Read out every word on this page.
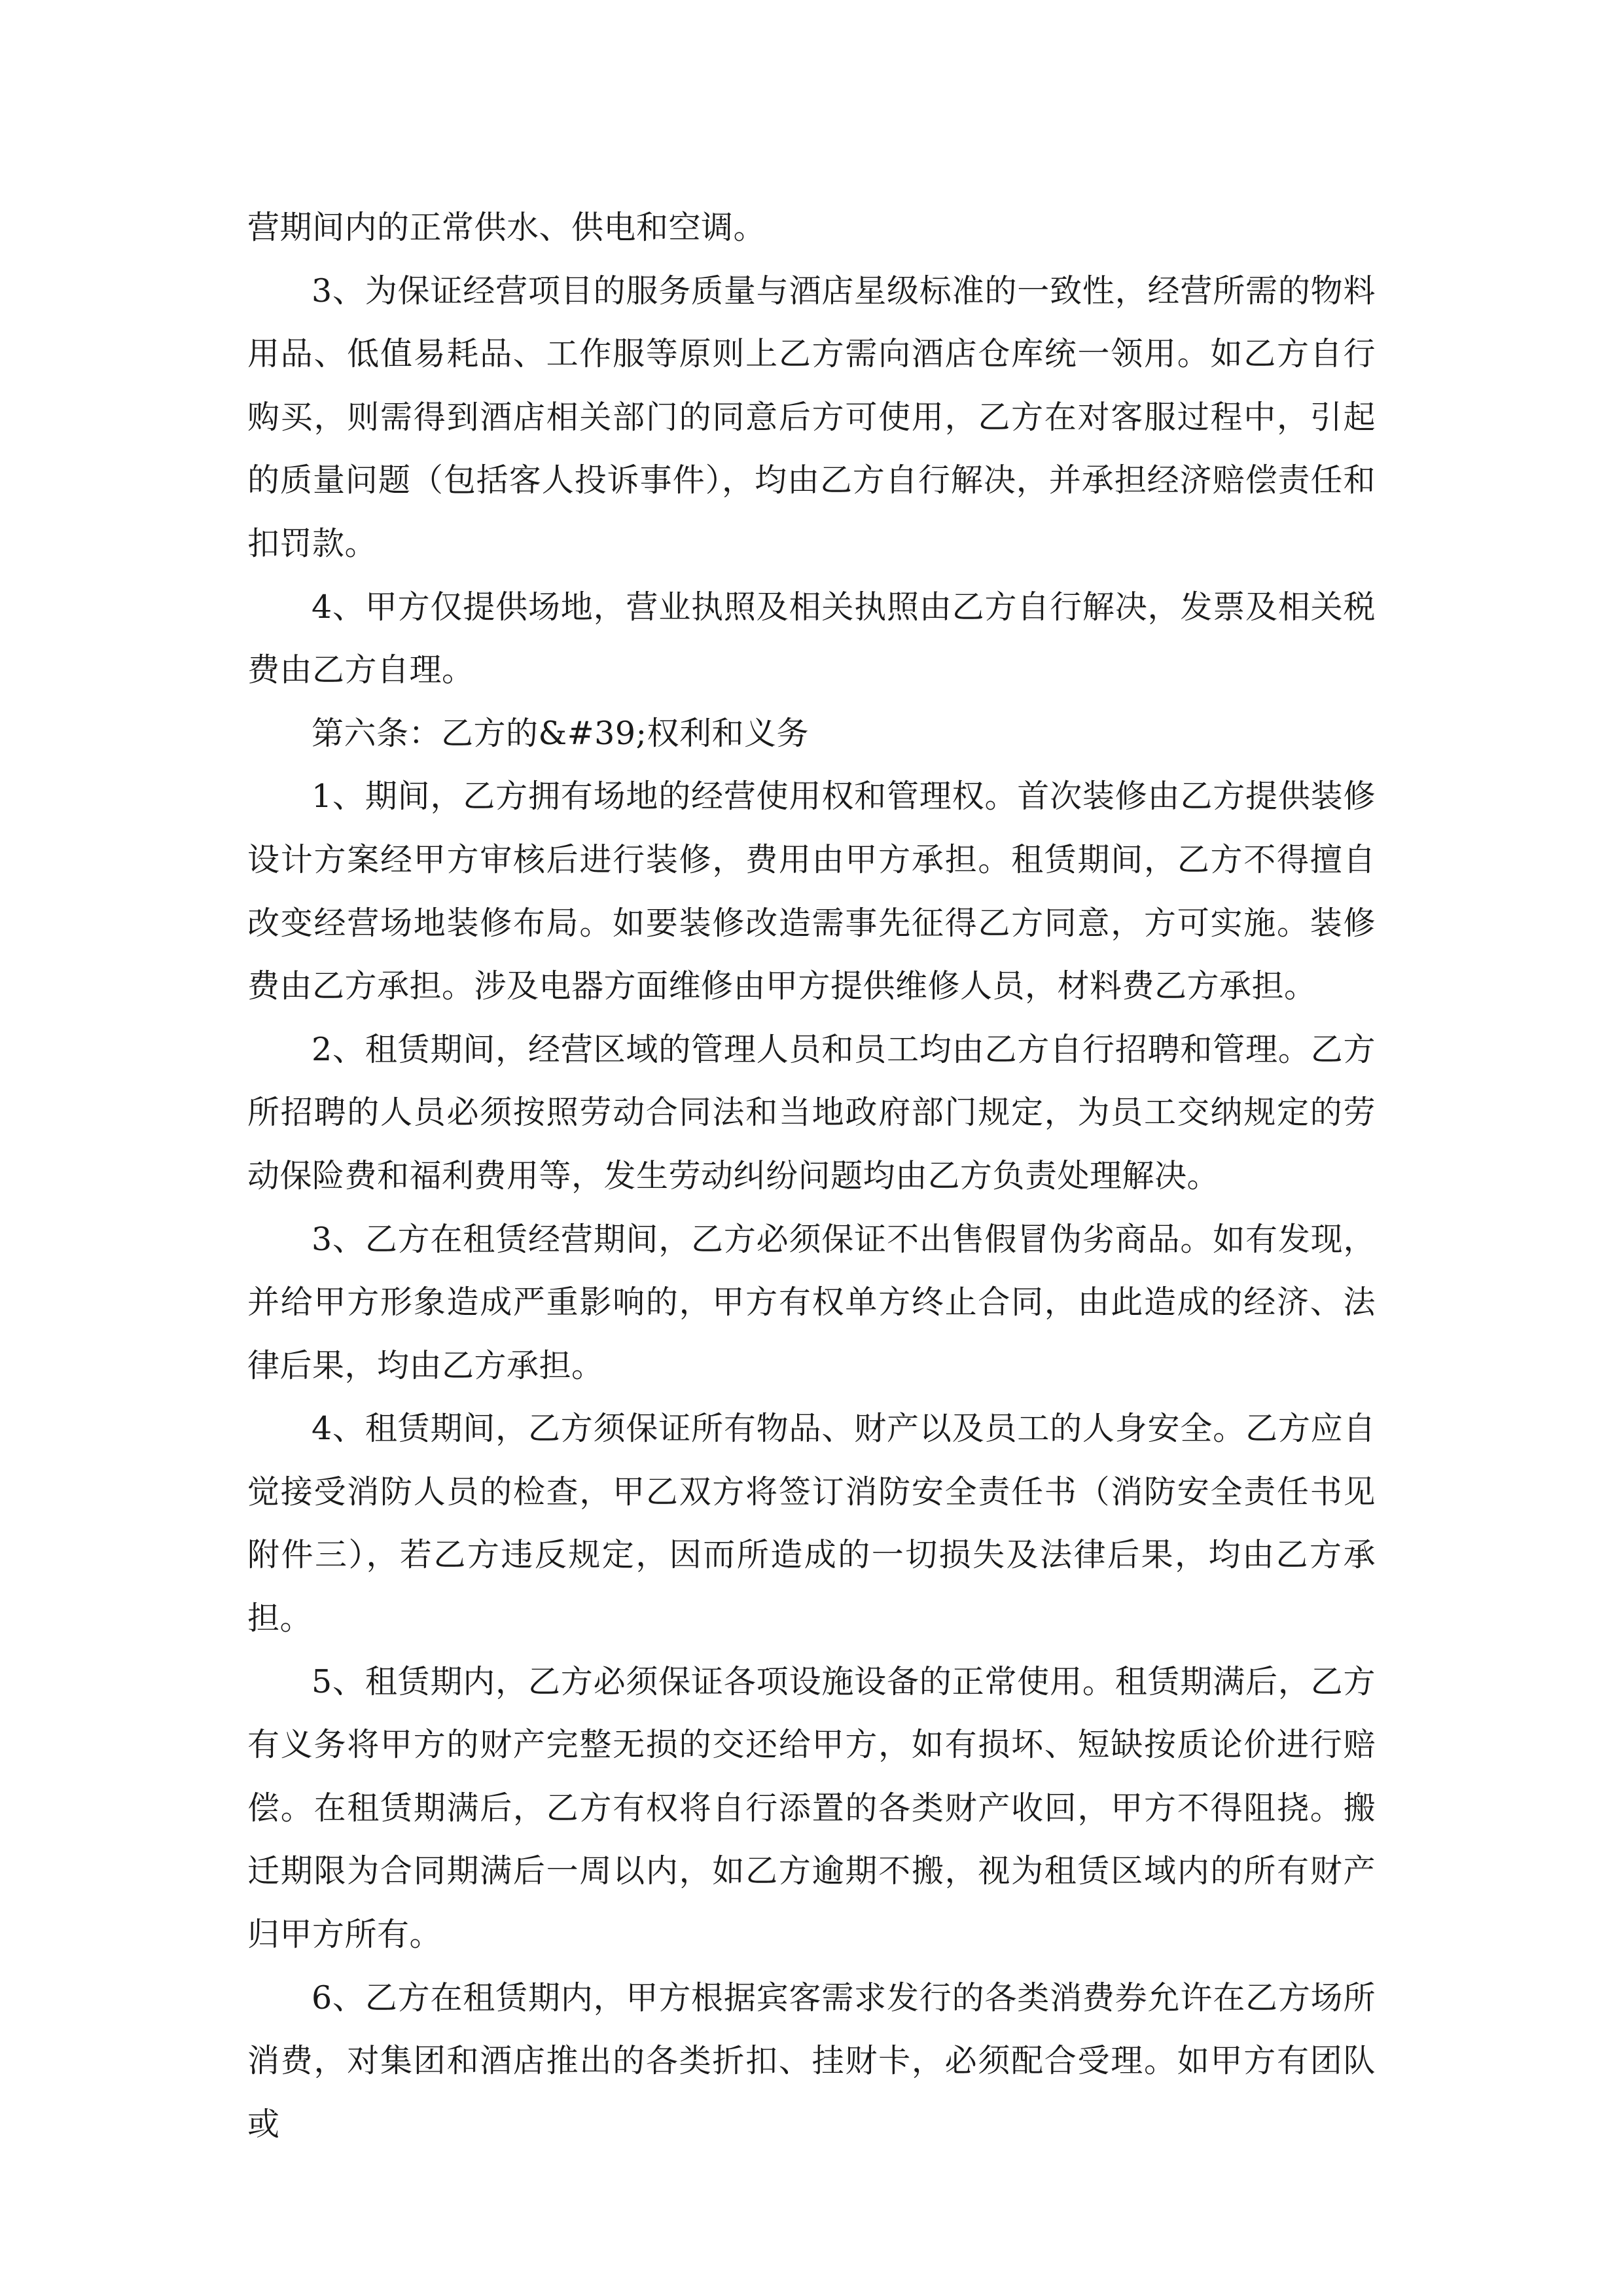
营期间内的正常供水、供电和空调。

3、为保证经营项目的服务质量与酒店星级标准的一致性，经营所需的物料用品、低值易耗品、工作服等原则上乙方需向酒店仓库统一领用。如乙方自行购买，则需得到酒店相关部门的同意后方可使用，乙方在对客服过程中，引起的质量问题（包括客人投诉事件），均由乙方自行解决，并承担经济赔偿责任和扣罚款。

4、甲方仅提供场地，营业执照及相关执照由乙方自行解决，发票及相关税费由乙方自理。

第六条：乙方的&#39;权利和义务

1、期间，乙方拥有场地的经营使用权和管理权。首次装修由乙方提供装修设计方案经甲方审核后进行装修，费用由甲方承担。租赁期间，乙方不得擅自改变经营场地装修布局。如要装修改造需事先征得乙方同意，方可实施。装修费由乙方承担。涉及电器方面维修由甲方提供维修人员，材料费乙方承担。

2、租赁期间，经营区域的管理人员和员工均由乙方自行招聘和管理。乙方所招聘的人员必须按照劳动合同法和当地政府部门规定，为员工交纳规定的劳动保险费和福利费用等，发生劳动纠纷问题均由乙方负责处理解决。

3、乙方在租赁经营期间，乙方必须保证不出售假冒伪劣商品。如有发现，并给甲方形象造成严重影响的，甲方有权单方终止合同，由此造成的经济、法律后果，均由乙方承担。

4、租赁期间，乙方须保证所有物品、财产以及员工的人身安全。乙方应自觉接受消防人员的检查，甲乙双方将签订消防安全责任书（消防安全责任书见附件三），若乙方违反规定，因而所造成的一切损失及法律后果，均由乙方承担。

5、租赁期内，乙方必须保证各项设施设备的正常使用。租赁期满后，乙方有义务将甲方的财产完整无损的交还给甲方，如有损坏、短缺按质论价进行赔偿。在租赁期满后，乙方有权将自行添置的各类财产收回，甲方不得阻挠。搬迁期限为合同期满后一周以内，如乙方逾期不搬，视为租赁区域内的所有财产归甲方所有。

6、乙方在租赁期内，甲方根据宾客需求发行的各类消费券允许在乙方场所消费，对集团和酒店推出的各类折扣、挂财卡，必须配合受理。如甲方有团队或
